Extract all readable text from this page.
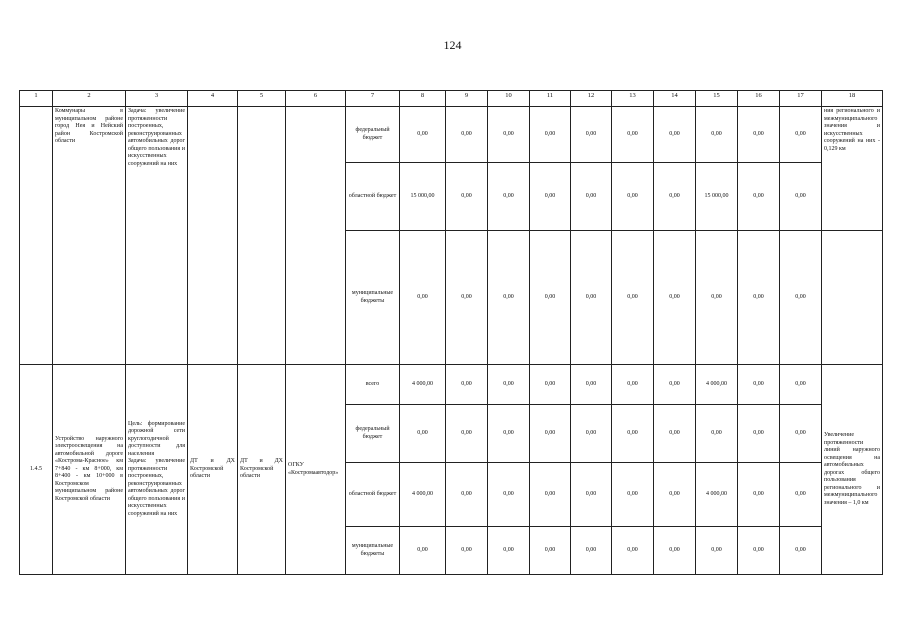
124
1	2	3	4	5	6	7	8	9	10	11	12	13	14	15	16	17	18
	Коммунары в муниципальном районе город Нея и Нейский район Костромской области	Задача: увеличение протяженности построенных, реконструированных автомобильных дорог общего пользования и искусственных сооружений на них				федеральный бюджет	0,00	0,00	0,00	0,00	0,00	0,00	0,00	0,00	0,00	0,00	ния регионального и межмуниципального значения и искусственных сооружений на них - 0,129 км
						областной бюджет	15 000,00	0,00	0,00	0,00	0,00	0,00	0,00	15 000,00	0,00	0,00	
						муниципальные бюджеты	0,00	0,00	0,00	0,00	0,00	0,00	0,00	0,00	0,00	0,00	
1.4.5	Устройство наружного электроосвещения на автомобильной дороге «Кострома-Красное» км 7+840 - км 8+000, км 8+400 - км 10+000 в Костромском муниципальном районе Костромской области	Цель: формирование дорожной сети круглогодичной доступности для населения
Задача: увеличение протяженности построенных, реконструированных автомобильных дорог общего пользования и искусственных сооружений на них	ДТ и ДХ Костромской области	ДТ и ДХ Костромской области	ОГКУ «Костромаавтодор»	всего	4 000,00	0,00	0,00	0,00	0,00	0,00	0,00	4 000,00	0,00	0,00	Увеличение протяженности линий наружного освещения на автомобильных дорогах общего пользования регионального и межмуниципального значения – 1,0 км
						федеральный бюджет	0,00	0,00	0,00	0,00	0,00	0,00	0,00	0,00	0,00	0,00	
						областной бюджет	4 000,00	0,00	0,00	0,00	0,00	0,00	0,00	4 000,00	0,00	0,00	
						муниципальные бюджеты	0,00	0,00	0,00	0,00	0,00	0,00	0,00	0,00	0,00	0,00	
